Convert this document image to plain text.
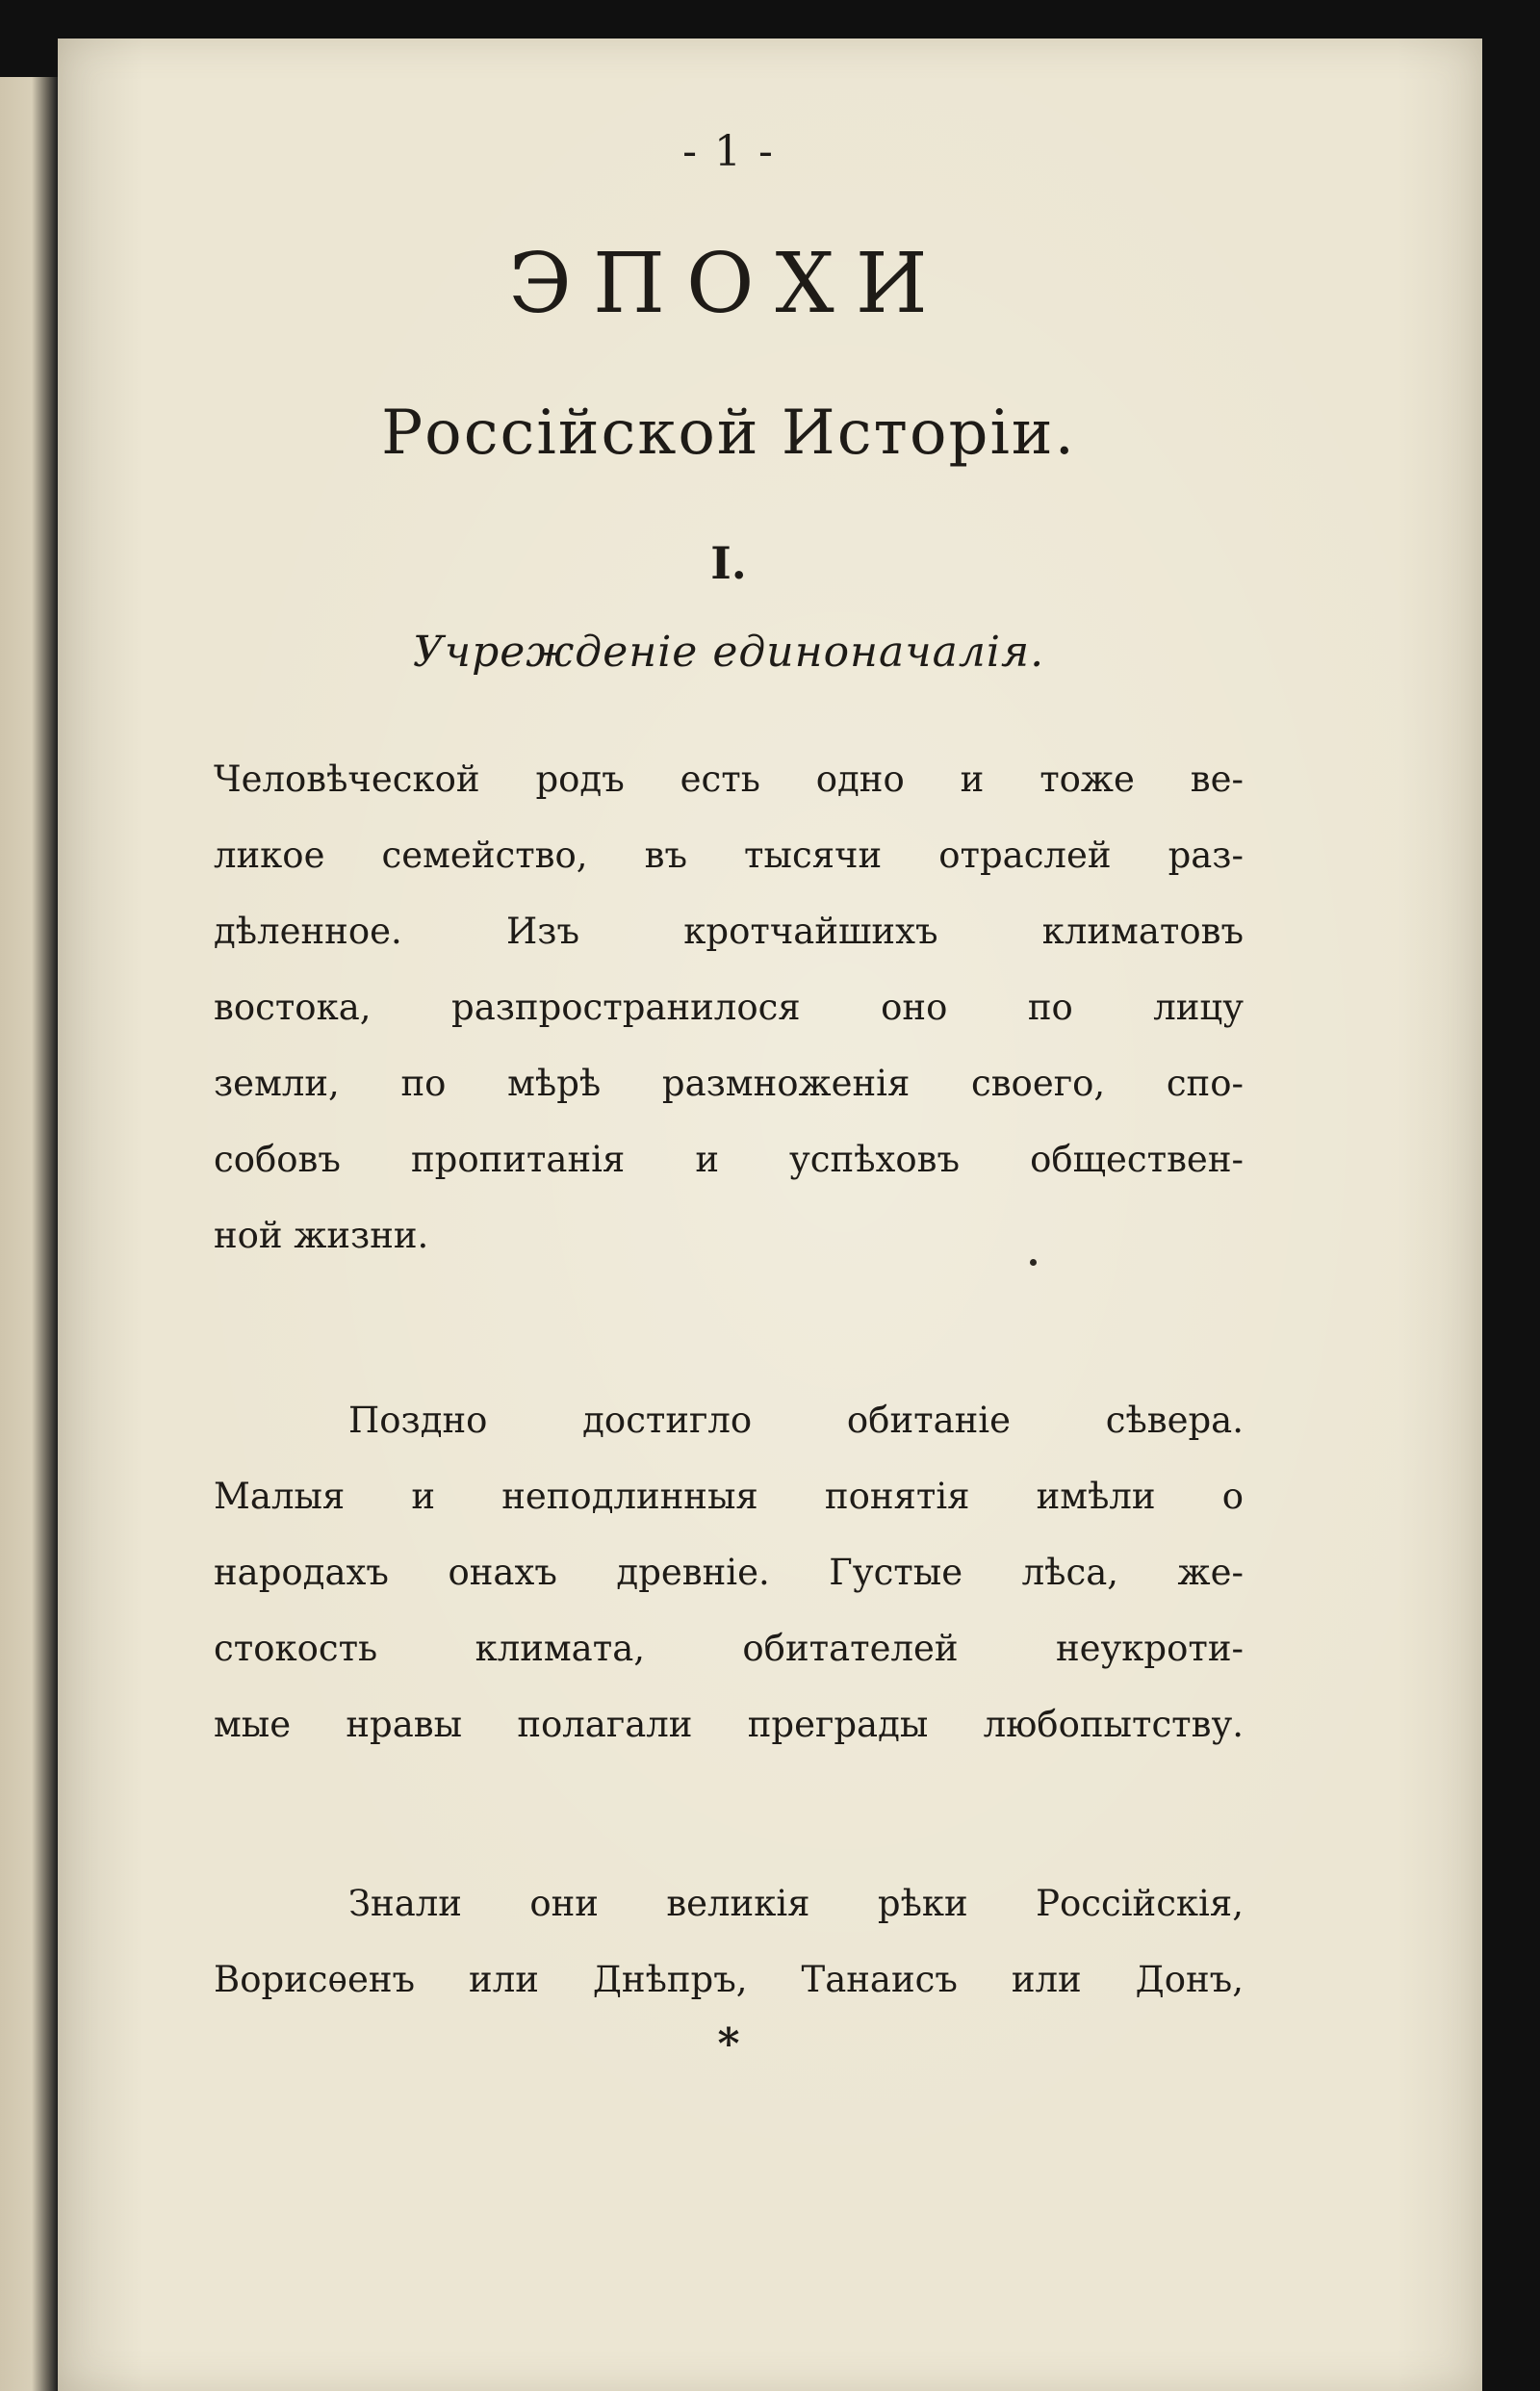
- 1 -
ЭПОХИ
Россійской Исторіи.
I.
Учрежденіе единоначалія.
Человѣческой родъ есть одно и тоже ве-
ликое семейство, въ тысячи отраслей раз-
дѣленное. Изъ кротчайшихъ климатовъ
востока, разпространилося оно по лицу
земли, по мѣрѣ размноженія своего, спо-
собовъ пропитанія и успѣховъ обществен-
ной жизни.
Поздно достигло обитаніе сѣвера.
Малыя и неподлинныя понятія имѣли о
народахъ онахъ древніе. Густые лѣса, же-
стокость климата, обитателей неукроти-
мые нравы полагали преграды любопытству.
Знали они великія рѣки Россійскія,
Ворисѳенъ или Днѣпръ, Танаисъ или Донъ,
*
